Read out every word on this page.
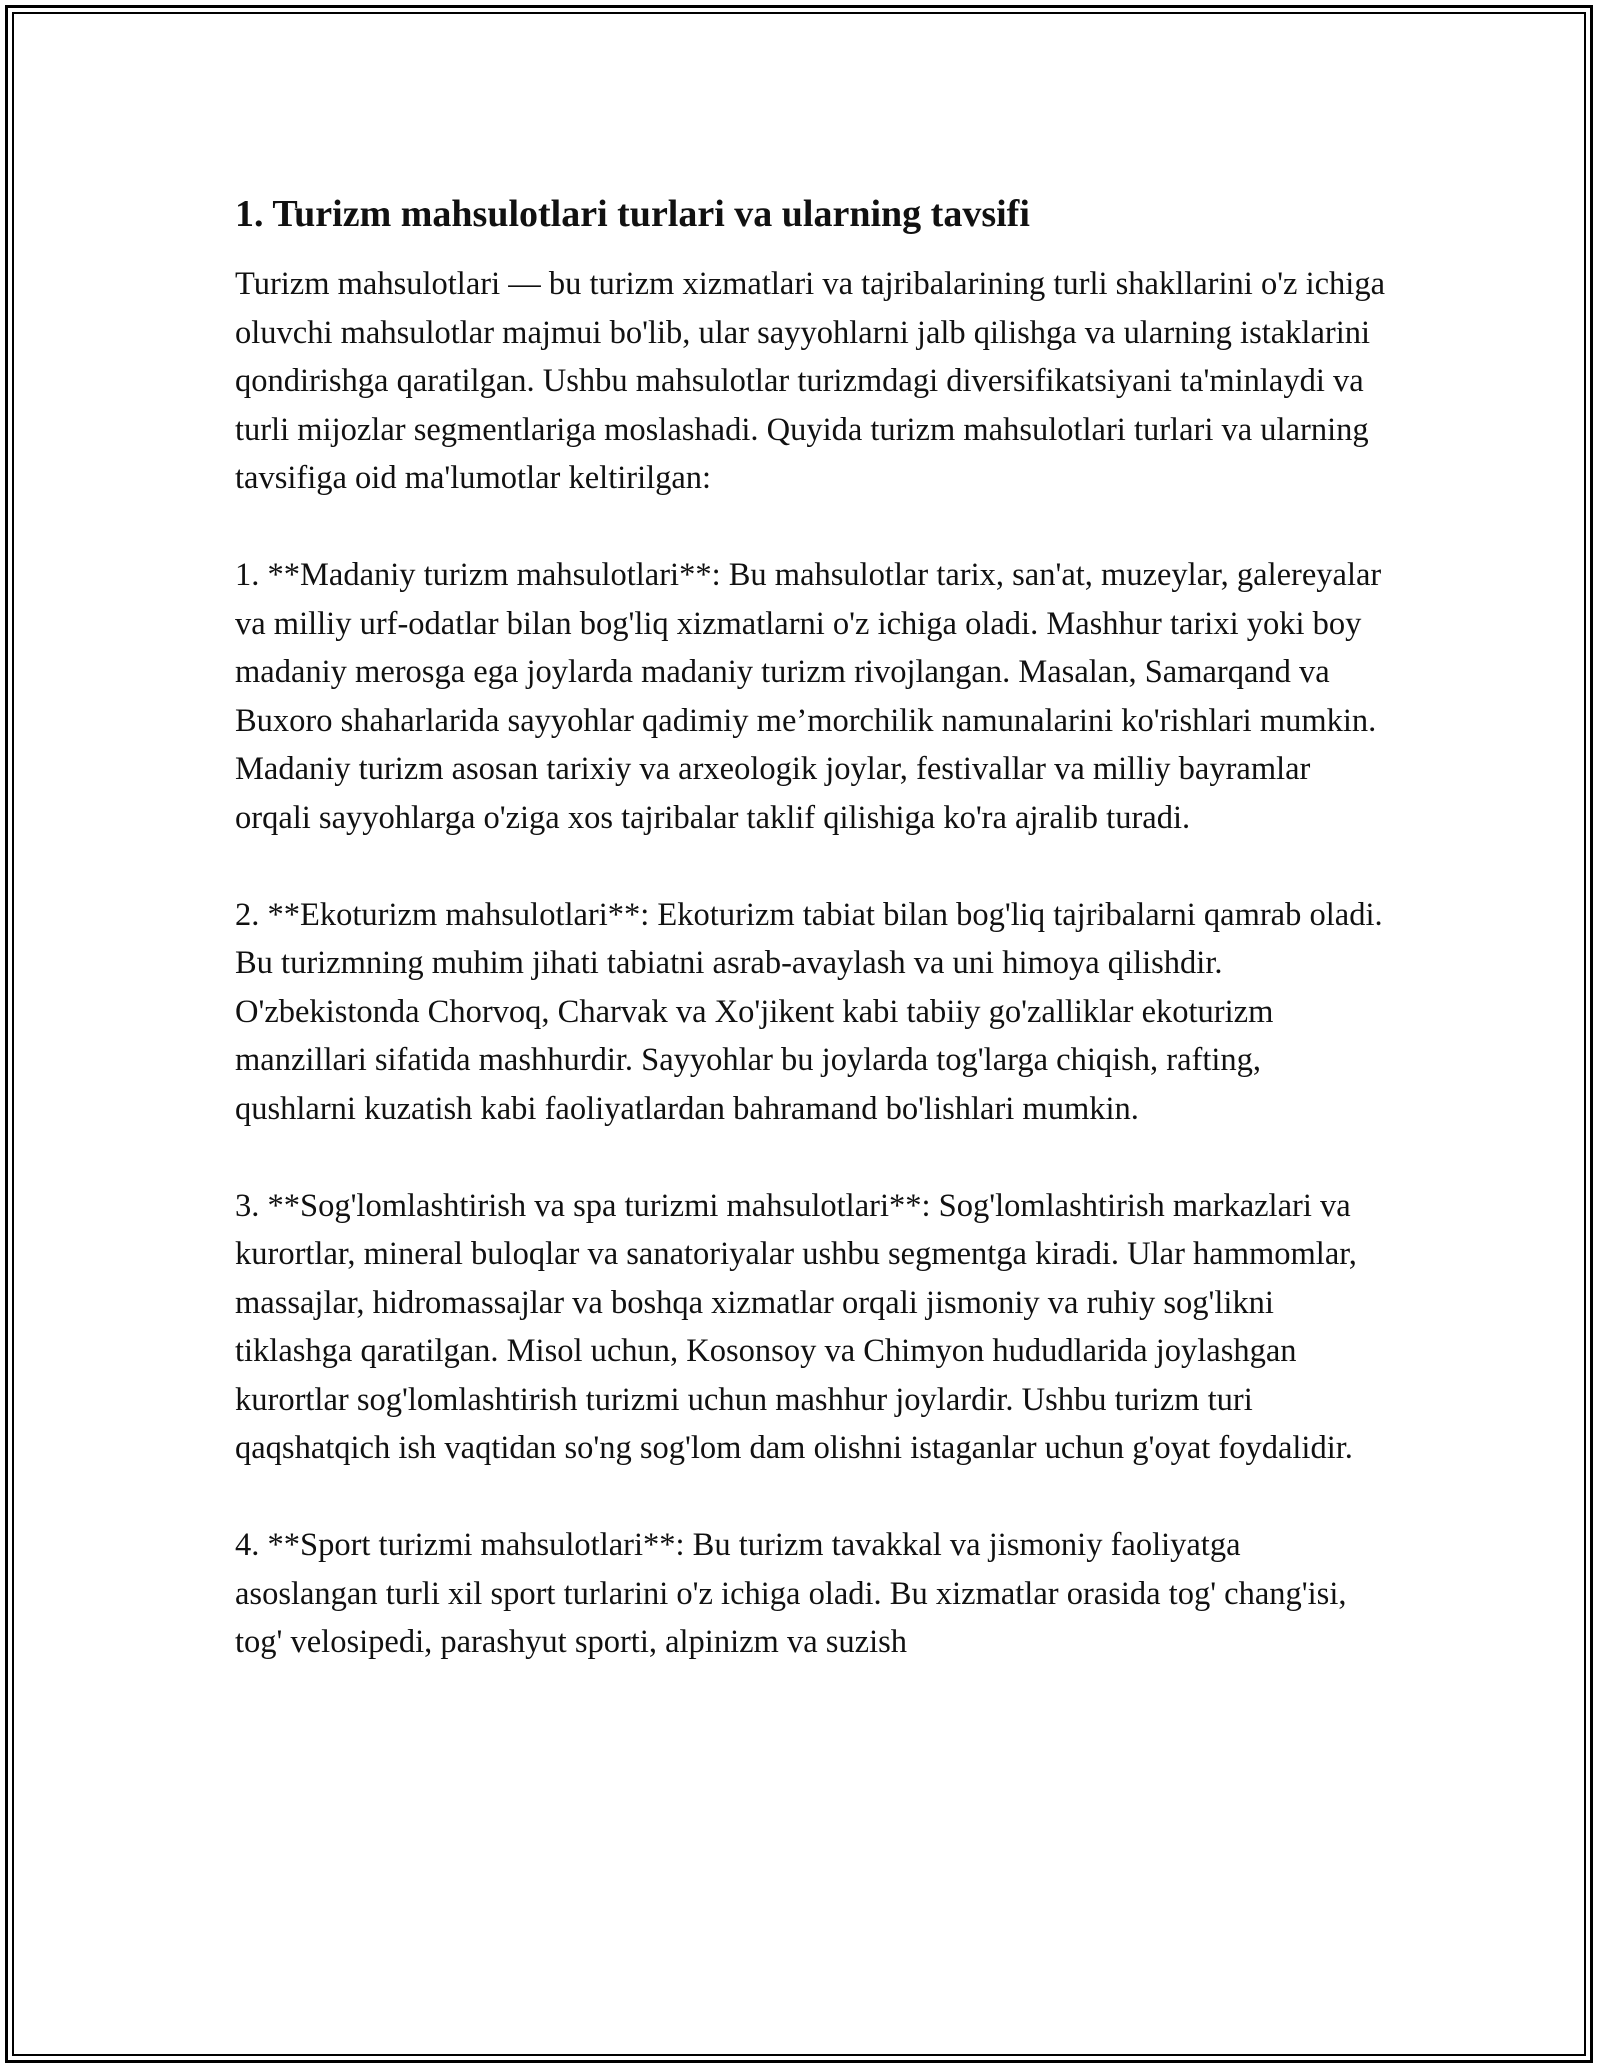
1. Turizm mahsulotlari turlari va ularning tavsifi

Turizm mahsulotlari — bu turizm xizmatlari va tajribalarining turli shakllarini o'z ichiga oluvchi mahsulotlar majmui bo'lib, ular sayyohlarni jalb qilishga va ularning istaklarini qondirishga qaratilgan. Ushbu mahsulotlar turizmdagi diversifikatsiyani ta'minlaydi va turli mijozlar segmentlariga moslashadi. Quyida turizm mahsulotlari turlari va ularning tavsifiga oid ma'lumotlar keltirilgan:

1. **Madaniy turizm mahsulotlari**: Bu mahsulotlar tarix, san'at, muzeylar, galereyalar va milliy urf-odatlar bilan bog'liq xizmatlarni o'z ichiga oladi. Mashhur tarixi yoki boy madaniy merosga ega joylarda madaniy turizm rivojlangan. Masalan, Samarqand va Buxoro shaharlarida sayyohlar qadimiy me’morchilik namunalarini ko'rishlari mumkin. Madaniy turizm asosan tarixiy va arxeologik joylar, festivallar va milliy bayramlar orqali sayyohlarga o'ziga xos tajribalar taklif qilishiga ko'ra ajralib turadi.

2. **Ekoturizm mahsulotlari**: Ekoturizm tabiat bilan bog'liq tajribalarni qamrab oladi. Bu turizmning muhim jihati tabiatni asrab-avaylash va uni himoya qilishdir. O'zbekistonda Chorvoq, Charvak va Xo'jikent kabi tabiiy go'zalliklar ekoturizm manzillari sifatida mashhurdir. Sayyohlar bu joylarda tog'larga chiqish, rafting, qushlarni kuzatish kabi faoliyatlardan bahramand bo'lishlari mumkin.

3. **Sog'lomlashtirish va spa turizmi mahsulotlari**: Sog'lomlashtirish markazlari va kurortlar, mineral buloqlar va sanatoriyalar ushbu segmentga kiradi. Ular hammomlar, massajlar, hidromassajlar va boshqa xizmatlar orqali jismoniy va ruhiy sog'likni tiklashga qaratilgan. Misol uchun, Kosonsoy va Chimyon hududlarida joylashgan kurortlar sog'lomlashtirish turizmi uchun mashhur joylardir. Ushbu turizm turi qaqshatqich ish vaqtidan so'ng sog'lom dam olishni istaganlar uchun g'oyat foydalidir.

4. **Sport turizmi mahsulotlari**: Bu turizm tavakkal va jismoniy faoliyatga asoslangan turli xil sport turlarini o'z ichiga oladi. Bu xizmatlar orasida tog' chang'isi, tog' velosipedi, parashyut sporti, alpinizm va suzish
